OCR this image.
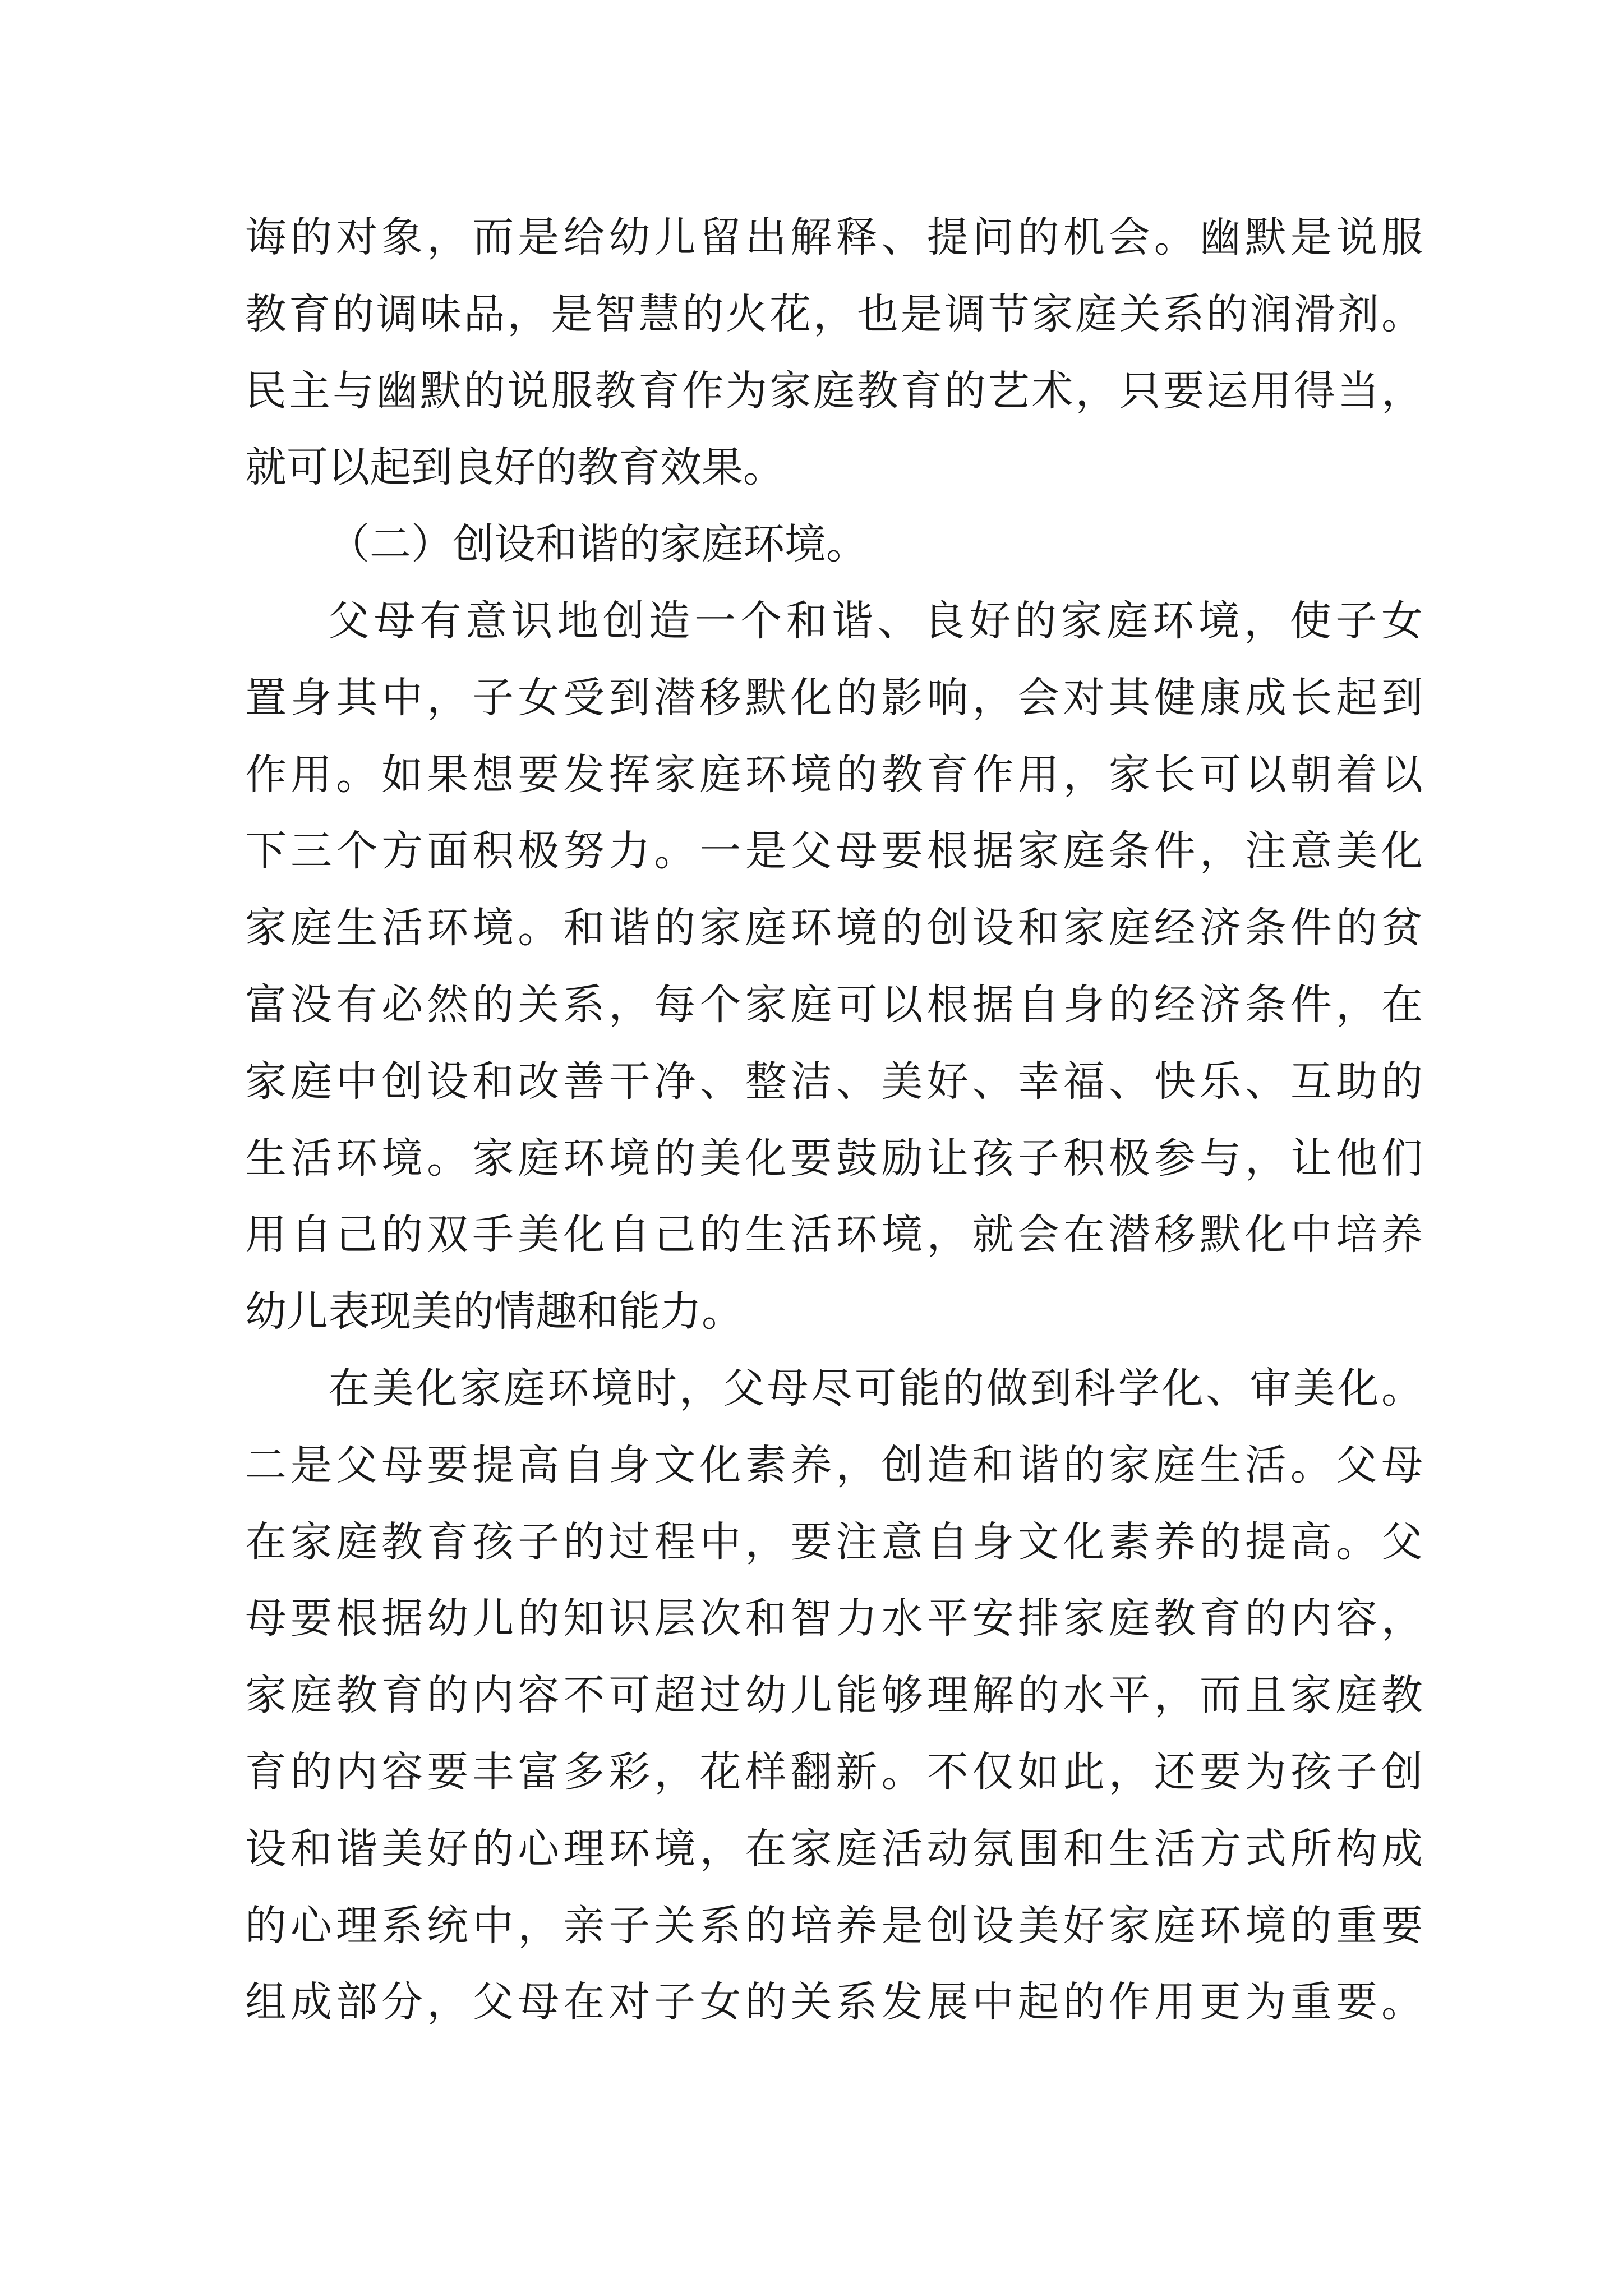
诲的对象，而是给幼儿留出解释、提问的机会。幽默是说服
教育的调味品，是智慧的火花，也是调节家庭关系的润滑剂。
民主与幽默的说服教育作为家庭教育的艺术，只要运用得当，
就可以起到良好的教育效果。
（二）创设和谐的家庭环境。
父母有意识地创造一个和谐、良好的家庭环境，使子女
置身其中，子女受到潜移默化的影响，会对其健康成长起到
作用。如果想要发挥家庭环境的教育作用，家长可以朝着以
下三个方面积极努力。一是父母要根据家庭条件，注意美化
家庭生活环境。和谐的家庭环境的创设和家庭经济条件的贫
富没有必然的关系，每个家庭可以根据自身的经济条件，在
家庭中创设和改善干净、整洁、美好、幸福、快乐、互助的
生活环境。家庭环境的美化要鼓励让孩子积极参与，让他们
用自己的双手美化自己的生活环境，就会在潜移默化中培养
幼儿表现美的情趣和能力。
在美化家庭环境时，父母尽可能的做到科学化、审美化。
二是父母要提高自身文化素养，创造和谐的家庭生活。父母
在家庭教育孩子的过程中，要注意自身文化素养的提高。父
母要根据幼儿的知识层次和智力水平安排家庭教育的内容，
家庭教育的内容不可超过幼儿能够理解的水平，而且家庭教
育的内容要丰富多彩，花样翻新。不仅如此，还要为孩子创
设和谐美好的心理环境，在家庭活动氛围和生活方式所构成
的心理系统中，亲子关系的培养是创设美好家庭环境的重要
组成部分，父母在对子女的关系发展中起的作用更为重要。
